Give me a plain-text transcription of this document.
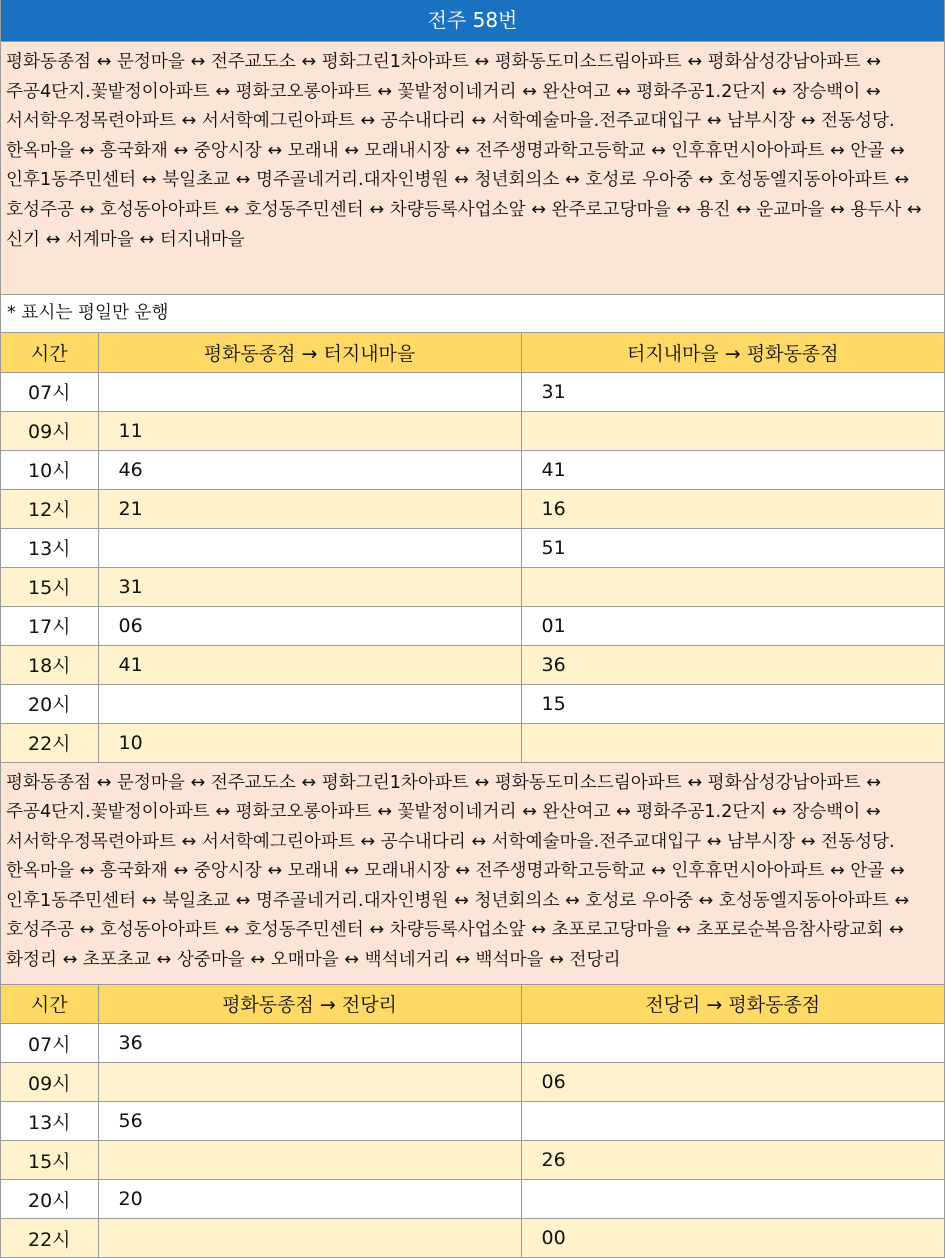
전주 58번
평화동종점 ↔ 문정마을 ↔ 전주교도소 ↔ 평화그린1차아파트 ↔ 평화동도미소드림아파트 ↔ 평화삼성강남아파트 ↔ 주공4단지.꽃밭정이아파트 ↔ 평화코오롱아파트 ↔ 꽃밭정이네거리 ↔ 완산여고 ↔ 평화주공1.2단지 ↔ 장승백이 ↔ 서서학우정목련아파트 ↔ 서서학예그린아파트 ↔ 공수내다리 ↔ 서학예술마을.전주교대입구 ↔ 남부시장 ↔ 전동성당.한옥마을 ↔ 흥국화재 ↔ 중앙시장 ↔ 모래내 ↔ 모래내시장 ↔ 전주생명과학고등학교 ↔ 인후휴먼시아아파트 ↔ 안골 ↔ 인후1동주민센터 ↔ 북일초교 ↔ 명주골네거리.대자인병원 ↔ 청년회의소 ↔ 호성로 우아중 ↔ 호성동엘지동아아파트 ↔ 호성주공 ↔ 호성동아아파트 ↔ 호성동주민센터 ↔ 차량등록사업소앞 ↔ 완주로고당마을 ↔ 용진 ↔ 운교마을 ↔ 용두사 ↔ 신기 ↔ 서계마을 ↔ 터지내마을
* 표시는 평일만 운행
시간	평화동종점 → 터지내마을	터지내마을 → 평화동종점
07시		31
09시	11	
10시	46	41
12시	21	16
13시		51
15시	31	
17시	06	01
18시	41	36
20시		15
22시	10	
평화동종점 ↔ 문정마을 ↔ 전주교도소 ↔ 평화그린1차아파트 ↔ 평화동도미소드림아파트 ↔ 평화삼성강남아파트 ↔ 주공4단지.꽃밭정이아파트 ↔ 평화코오롱아파트 ↔ 꽃밭정이네거리 ↔ 완산여고 ↔ 평화주공1.2단지 ↔ 장승백이 ↔ 서서학우정목련아파트 ↔ 서서학예그린아파트 ↔ 공수내다리 ↔ 서학예술마을.전주교대입구 ↔ 남부시장 ↔ 전동성당.한옥마을 ↔ 흥국화재 ↔ 중앙시장 ↔ 모래내 ↔ 모래내시장 ↔ 전주생명과학고등학교 ↔ 인후휴먼시아아파트 ↔ 안골 ↔ 인후1동주민센터 ↔ 북일초교 ↔ 명주골네거리.대자인병원 ↔ 청년회의소 ↔ 호성로 우아중 ↔ 호성동엘지동아아파트 ↔ 호성주공 ↔ 호성동아아파트 ↔ 호성동주민센터 ↔ 차량등록사업소앞 ↔ 초포로고당마을 ↔ 초포로순복음참사랑교회 ↔ 화정리 ↔ 초포초교 ↔ 상중마을 ↔ 오매마을 ↔ 백석네거리 ↔ 백석마을 ↔ 전당리
시간	평화동종점 → 전당리	전당리 → 평화동종점
07시	36	
09시		06
13시	56	
15시		26
20시	20	
22시		00
